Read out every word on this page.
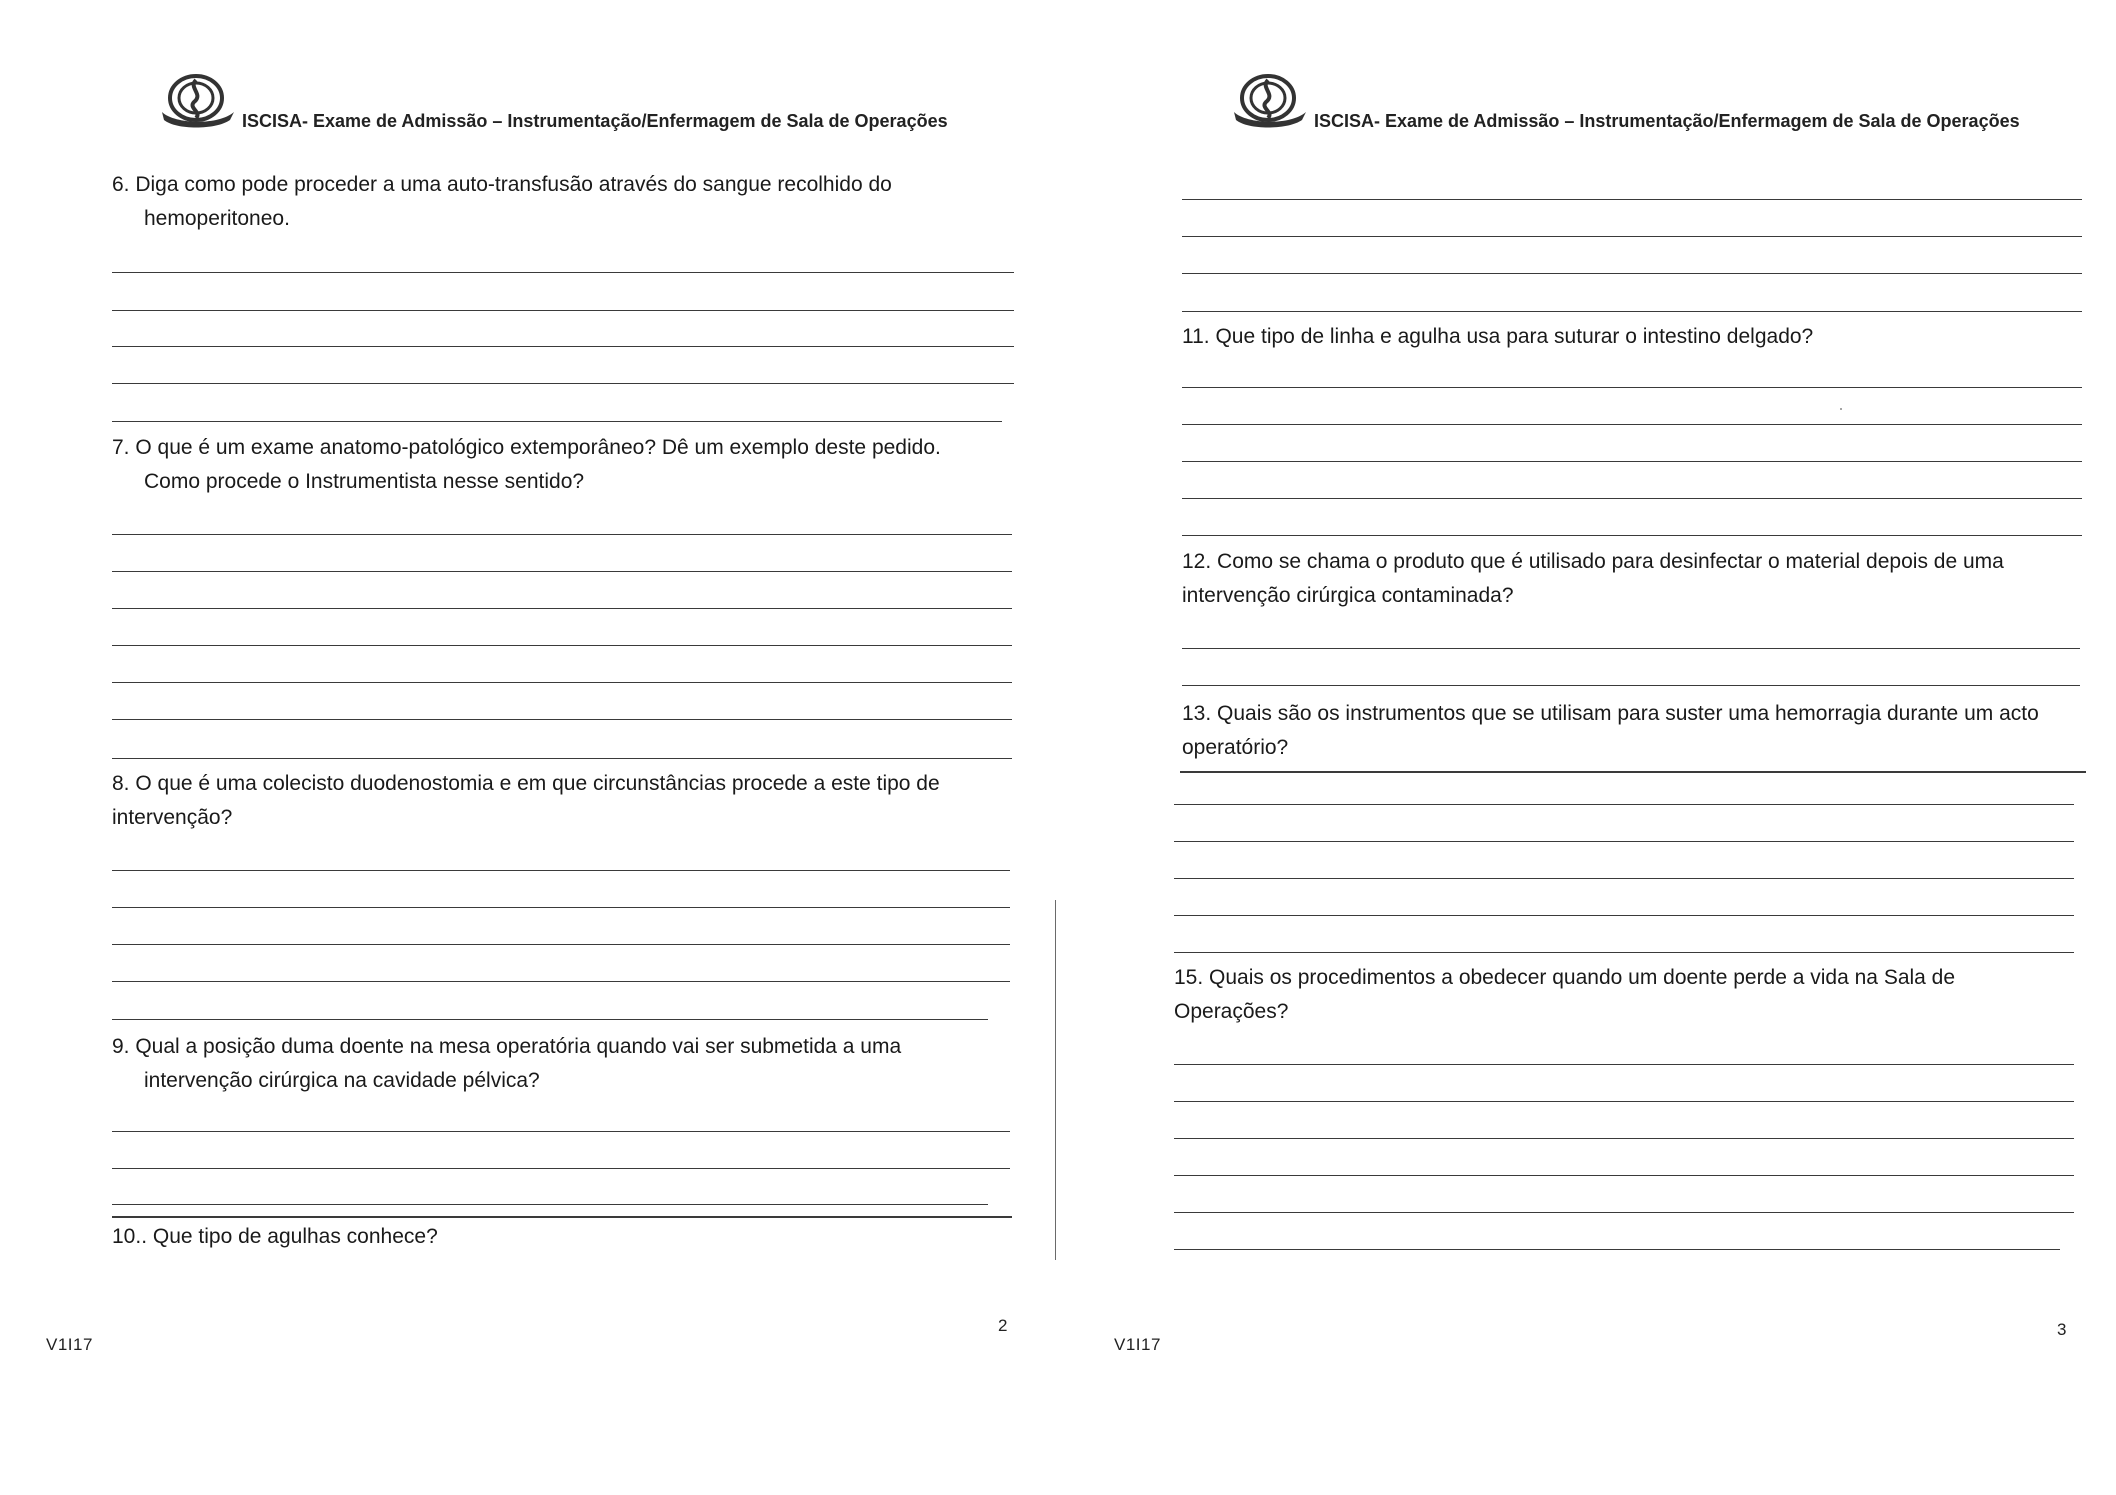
ISCISA- Exame de Admissão – Instrumentação/Enfermagem de Sala de Operações
6. Diga como pode proceder a uma auto-transfusão através do sangue recolhido do
hemoperitoneo.
7. O que é um exame anatomo-patológico extemporâneo? Dê um exemplo deste pedido.
Como procede o Instrumentista nesse sentido?
8. O que é uma colecisto duodenostomia e em que circunstâncias procede a este tipo de
intervenção?
9. Qual a posição duma doente na mesa operatória quando vai ser submetida a uma
intervenção cirúrgica na cavidade pélvica?
10.. Que tipo de agulhas conhece?
2
V1I17
ISCISA- Exame de Admissão – Instrumentação/Enfermagem de Sala de Operações
11. Que tipo de linha e agulha usa para suturar o intestino delgado?
12. Como se chama o produto que é utilisado para desinfectar o material depois de uma
intervenção cirúrgica contaminada?
13. Quais são os instrumentos que se utilisam para suster uma hemorragia durante um acto
operatório?
15. Quais os procedimentos a obedecer quando um doente perde a vida na Sala de
Operações?
3
V1I17
